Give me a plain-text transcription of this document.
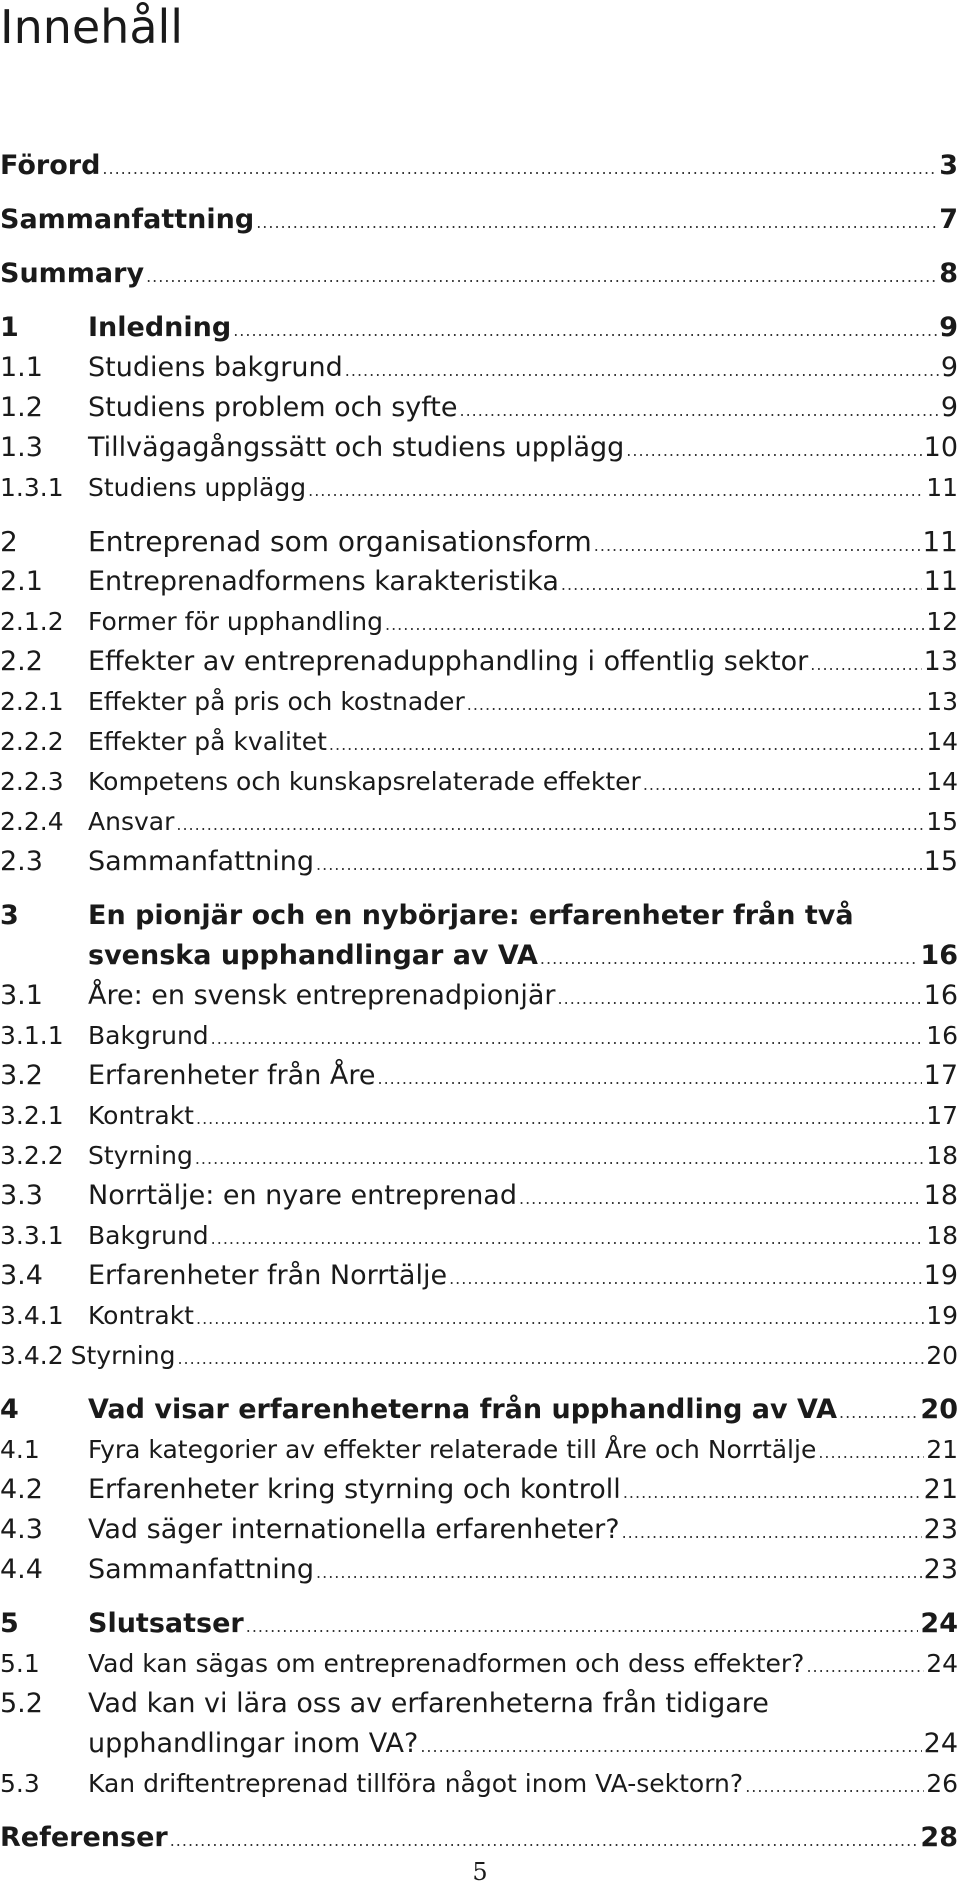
Innehåll
Förord .....	3
Sammanfattning .....	7
Summary .....	8
1	Inledning .....	9
1.1	Studiens bakgrund .....	9
1.2	Studiens problem och syfte .....	9
1.3	Tillvägagångssätt och studiens upplägg .....	10
1.3.1 Studiens upplägg .....	11
2	Entreprenad som organisationsform .....	11
2.1	Entreprenadformens karakteristika .....	11
2.1.2 Former för upphandling .....	12
2.2	Effekter av entreprenadupphandling i offentlig sektor .....	13
2.2.1 Effekter på pris och kostnader .....	13
2.2.2 Effekter på kvalitet .....	14
2.2.3 Kompetens och kunskapsrelaterade effekter .....	14
2.2.4 Ansvar .....	15
2.3	Sammanfattning .....	15
3	En pionjär och en nybörjare: erfarenheter från två
svenska upphandlingar av VA .....	16
3.1	Åre: en svensk entreprenadpionjär .....	16
3.1.1 Bakgrund .....	16
3.2	Erfarenheter från Åre .....	17
3.2.1 Kontrakt .....	17
3.2.2 Styrning .....	18
3.3	Norrtälje: en nyare entreprenad .....	18
3.3.1 Bakgrund .....	18
3.4	Erfarenheter från Norrtälje .....	19
3.4.1 Kontrakt .....	19
3.4.2 Styrning .....	20
4	Vad visar erfarenheterna från upphandling av VA .....	20
4.1	Fyra kategorier av effekter relaterade till Åre och Norrtälje .....	21
4.2	Erfarenheter kring styrning och kontroll .....	21
4.3	Vad säger internationella erfarenheter? .....	23
4.4	Sammanfattning .....	23
5	Slutsatser .....	24
5.1	Vad kan sägas om entreprenadformen och dess effekter? .....	24
5.2	Vad kan vi lära oss av erfarenheterna från tidigare
upphandlingar inom VA? .....	24
5.3	Kan driftentreprenad tillföra något inom VA-sektorn? .....	26
Referenser .....	28
5
